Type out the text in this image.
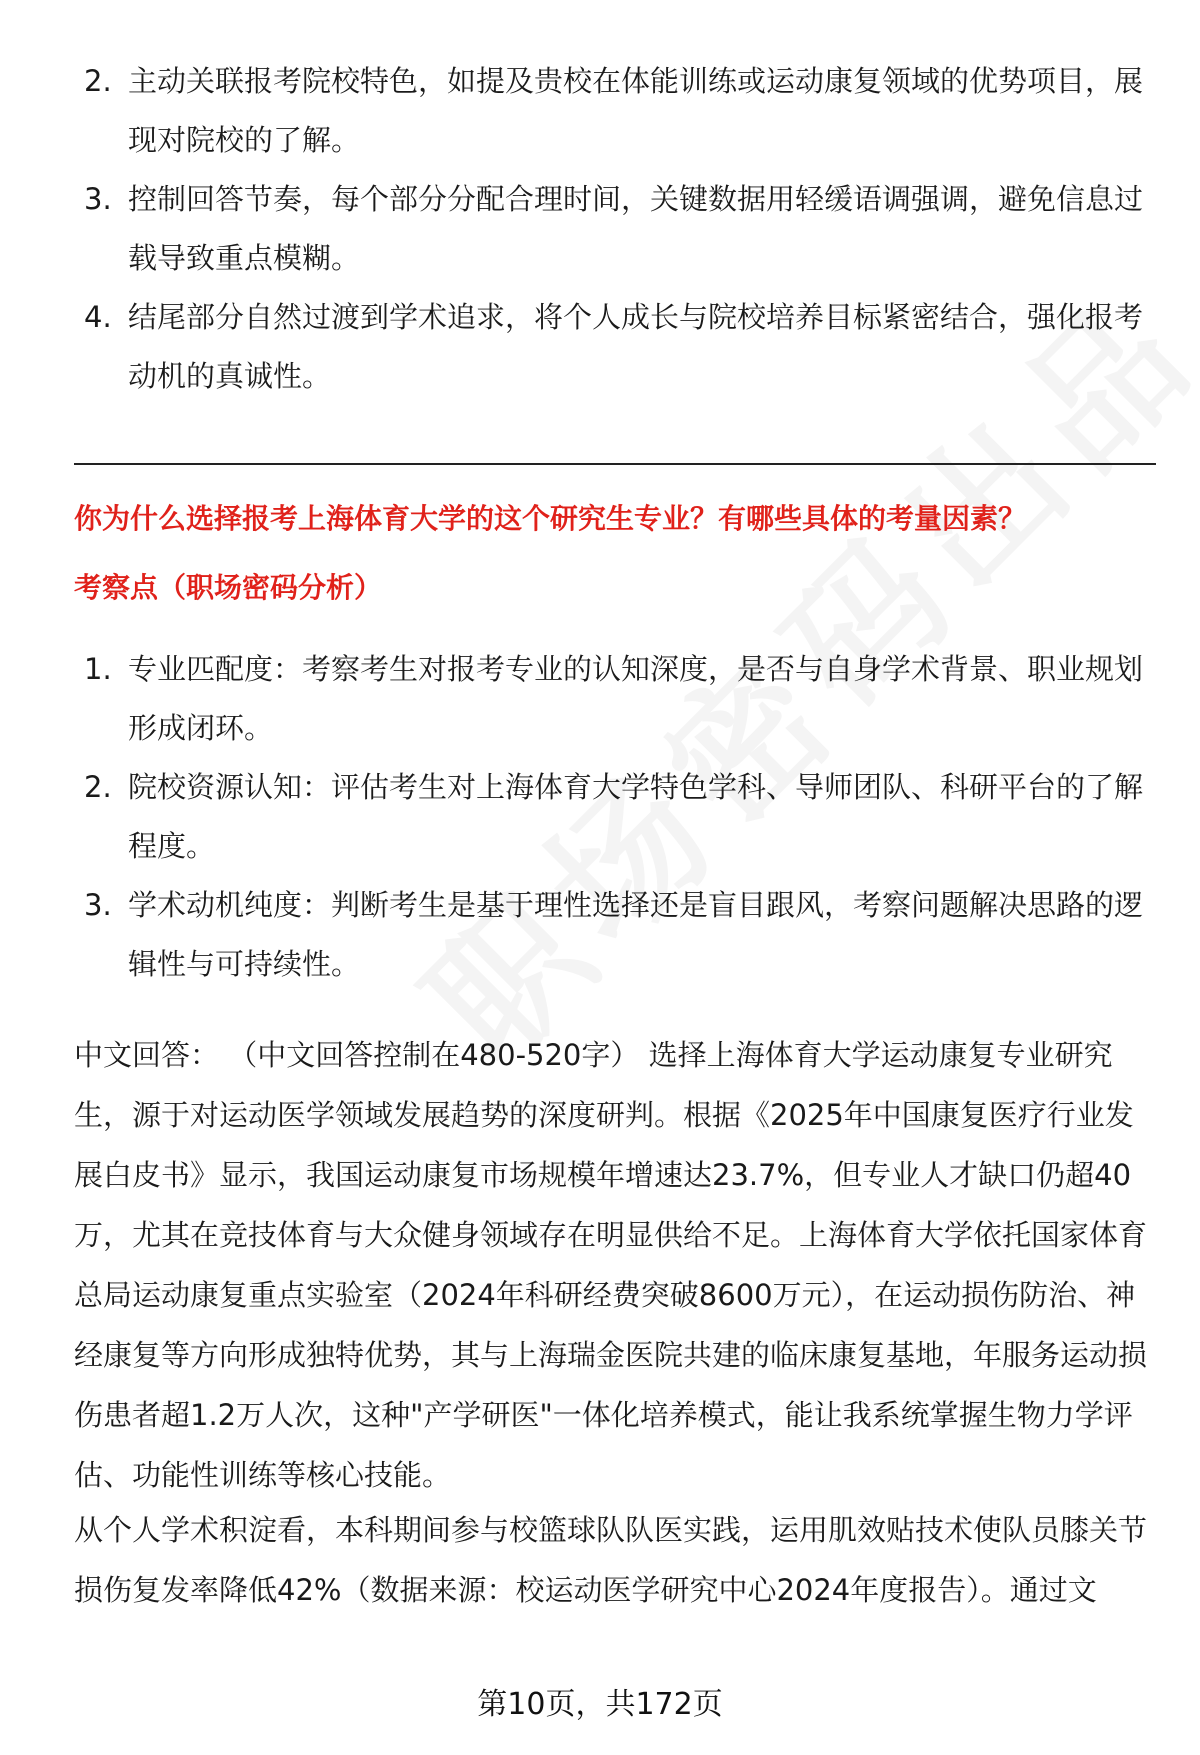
2. 主动关联报考院校特色，如提及贵校在体能训练或运动康复领域的优势项目，展现对院校的了解。
3. 控制回答节奏，每个部分分配合理时间，关键数据用轻缓语调强调，避免信息过载导致重点模糊。
4. 结尾部分自然过渡到学术追求，将个人成长与院校培养目标紧密结合，强化报考动机的真诚性。
你为什么选择报考上海体育大学的这个研究生专业？有哪些具体的考量因素？
考察点（职场密码分析）
1. 专业匹配度：考察考生对报考专业的认知深度，是否与自身学术背景、职业规划形成闭环。
2. 院校资源认知：评估考生对上海体育大学特色学科、导师团队、科研平台的了解程度。
3. 学术动机纯度：判断考生是基于理性选择还是盲目跟风，考察问题解决思路的逻辑性与可持续性。

中文回答： （中文回答控制在480-520字） 选择上海体育大学运动康复专业研究生，源于对运动医学领域发展趋势的深度研判。根据《2025年中国康复医疗行业发展白皮书》显示，我国运动康复市场规模年增速达23.7%，但专业人才缺口仍超40万，尤其在竞技体育与大众健身领域存在明显供给不足。上海体育大学依托国家体育总局运动康复重点实验室（2024年科研经费突破8600万元），在运动损伤防治、神经康复等方向形成独特优势，其与上海瑞金医院共建的临床康复基地，年服务运动损伤患者超1.2万人次，这种"产学研医"一体化培养模式，能让我系统掌握生物力学评估、功能性训练等核心技能。

从个人学术积淀看，本科期间参与校篮球队队医实践，运用肌效贴技术使队员膝关节损伤复发率降低42%（数据来源：校运动医学研究中心2024年度报告）。通过文

第10页，共172页
